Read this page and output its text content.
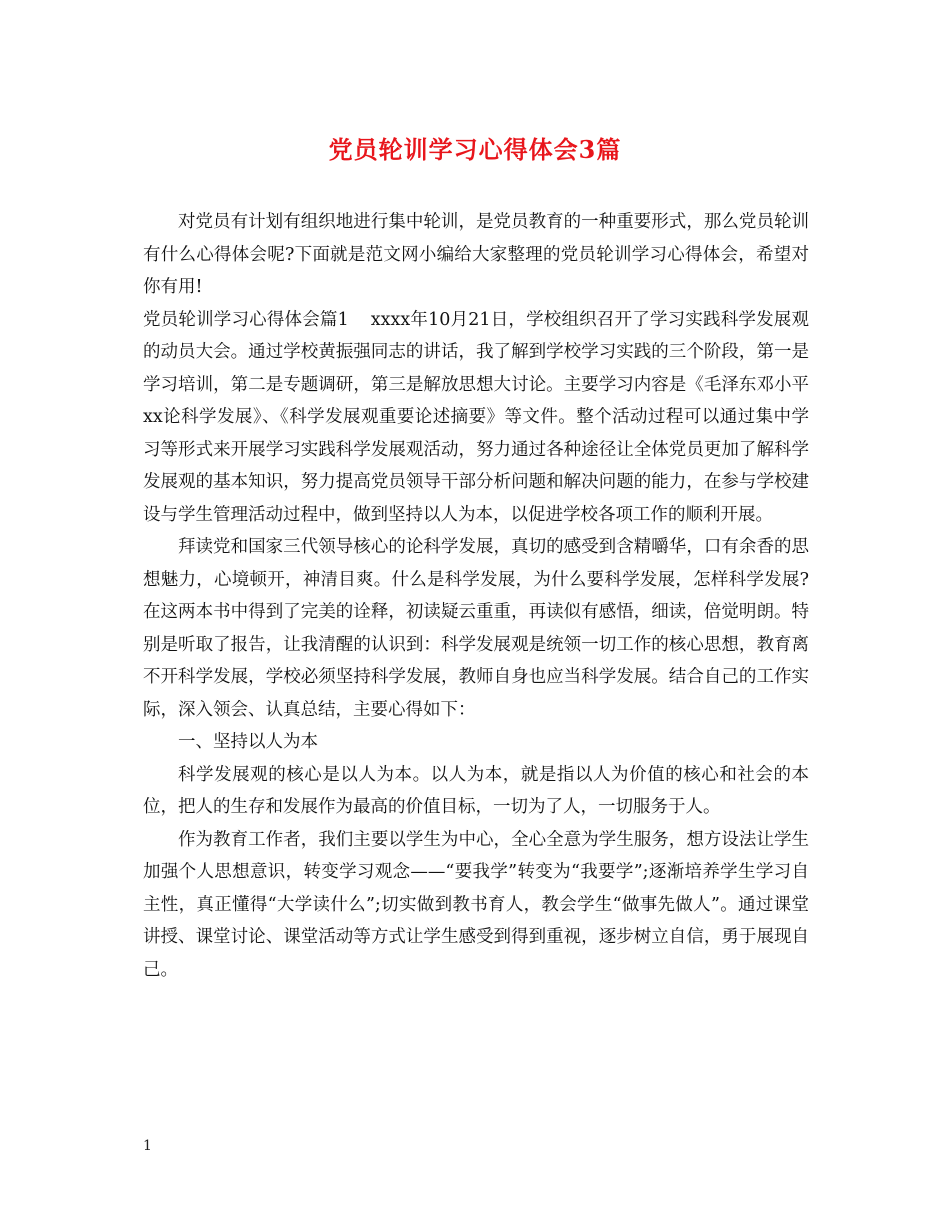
党员轮训学习心得体会3篇

对党员有计划有组织地进行集中轮训，是党员教育的一种重要形式，那么党员轮训有什么心得体会呢?下面就是范文网小编给大家整理的党员轮训学习心得体会，希望对你有用!

党员轮训学习心得体会篇1 xxxx年10月21日，学校组织召开了学习实践科学发展观的动员大会。通过学校黄振强同志的讲话，我了解到学校学习实践的三个阶段，第一是学习培训，第二是专题调研，第三是解放思想大讨论。主要学习内容是《毛泽东邓小平xx论科学发展》、《科学发展观重要论述摘要》等文件。整个活动过程可以通过集中学习等形式来开展学习实践科学发展观活动，努力通过各种途径让全体党员更加了解科学发展观的基本知识，努力提高党员领导干部分析问题和解决问题的能力，在参与学校建设与学生管理活动过程中，做到坚持以人为本，以促进学校各项工作的顺利开展。

拜读党和国家三代领导核心的论科学发展，真切的感受到含精嚼华，口有余香的思想魅力，心境顿开，神清目爽。什么是科学发展，为什么要科学发展，怎样科学发展?在这两本书中得到了完美的诠释，初读疑云重重，再读似有感悟，细读，倍觉明朗。特别是听取了报告，让我清醒的认识到：科学发展观是统领一切工作的核心思想，教育离不开科学发展，学校必须坚持科学发展，教师自身也应当科学发展。结合自己的工作实际，深入领会、认真总结，主要心得如下：

一、坚持以人为本

科学发展观的核心是以人为本。以人为本，就是指以人为价值的核心和社会的本位，把人的生存和发展作为最高的价值目标，一切为了人，一切服务于人。

作为教育工作者，我们主要以学生为中心，全心全意为学生服务，想方设法让学生加强个人思想意识，转变学习观念——“要我学”转变为“我要学”;逐渐培养学生学习自主性，真正懂得“大学读什么”;切实做到教书育人，教会学生“做事先做人”。通过课堂讲授、课堂讨论、课堂活动等方式让学生感受到得到重视，逐步树立自信，勇于展现自己。

1
